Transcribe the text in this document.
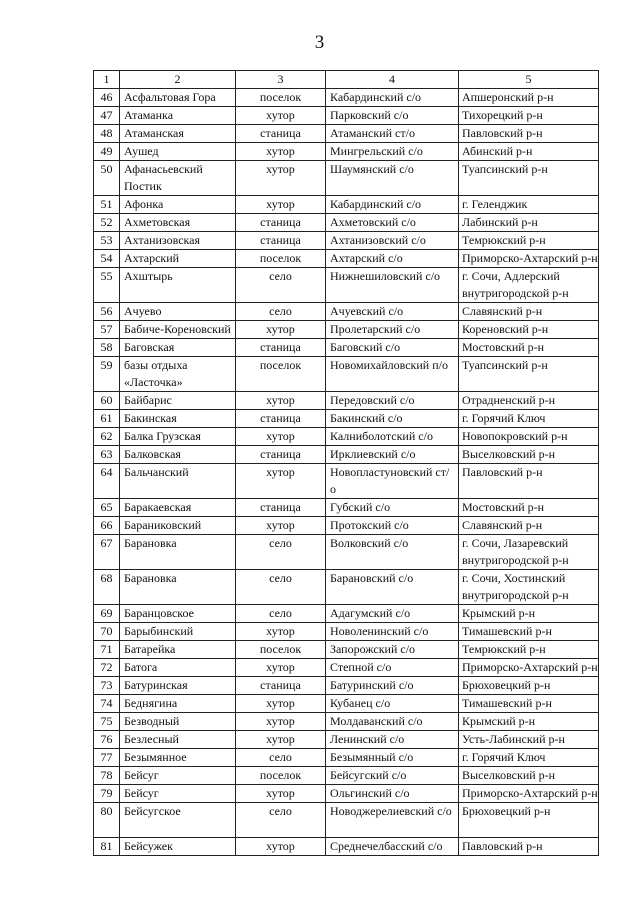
3
1	2	3	4	5
46	Асфальтовая Гора	поселок	Кабардинский с/о	Апшеронский р-н
47	Атаманка	хутор	Парковский с/о	Тихорецкий р-н
48	Атаманская	станица	Атаманский ст/о	Павловский р-н
49	Аушед	хутор	Мингрельский с/о	Абинский р-н
50	Афанасьевский Постик	хутор	Шаумянский с/о	Туапсинский р-н
51	Афонка	хутор	Кабардинский с/о	г. Геленджик
52	Ахметовская	станица	Ахметовский с/о	Лабинский р-н
53	Ахтанизовская	станица	Ахтанизовский с/о	Темрюкский р-н
54	Ахтарский	поселок	Ахтарский с/о	Приморско-Ахтарский р-н
55	Ахштырь	село	Нижнешиловский с/о	г. Сочи, Адлерский внутригородской р-н
56	Ачуево	село	Ачуевский с/о	Славянский р-н
57	Бабиче-Кореновский	хутор	Пролетарский с/о	Кореновский р-н
58	Баговская	станица	Баговский с/о	Мостовский р-н
59	базы отдыха «Ласточка»	поселок	Новомихайловский п/о	Туапсинский р-н
60	Байбарис	хутор	Передовский с/о	Отрадненский р-н
61	Бакинская	станица	Бакинский с/о	г. Горячий Ключ
62	Балка Грузская	хутор	Калниболотский с/о	Новопокровский р-н
63	Балковская	станица	Ирклиевский с/о	Выселковский р-н
64	Бальчанский	хутор	Новопластуновский ст/о	Павловский р-н
65	Баракаевская	станица	Губский с/о	Мостовский р-н
66	Бараниковский	хутор	Протокский с/о	Славянский р-н
67	Барановка	село	Волковский с/о	г. Сочи, Лазаревский внутригородской р-н
68	Барановка	село	Барановский с/о	г. Сочи, Хостинский внутригородской р-н
69	Баранцовское	село	Адагумский с/о	Крымский р-н
70	Барыбинский	хутор	Новоленинский с/о	Тимашевский р-н
71	Батарейка	поселок	Запорожский с/о	Темрюкский р-н
72	Батога	хутор	Степной с/о	Приморско-Ахтарский р-н
73	Батуринская	станица	Батуринский с/о	Брюховецкий р-н
74	Беднягина	хутор	Кубанец с/о	Тимашевский р-н
75	Безводный	хутор	Молдаванский с/о	Крымский р-н
76	Безлесный	хутор	Ленинский с/о	Усть-Лабинский р-н
77	Безымянное	село	Безымянный с/о	г. Горячий Ключ
78	Бейсуг	поселок	Бейсугский с/о	Выселковский р-н
79	Бейсуг	хутор	Ольгинский с/о	Приморско-Ахтарский р-н
80	Бейсугское	село	Новоджерелиевский с/о	Брюховецкий р-н
81	Бейсужек	хутор	Среднечелбасский с/о	Павловский р-н
